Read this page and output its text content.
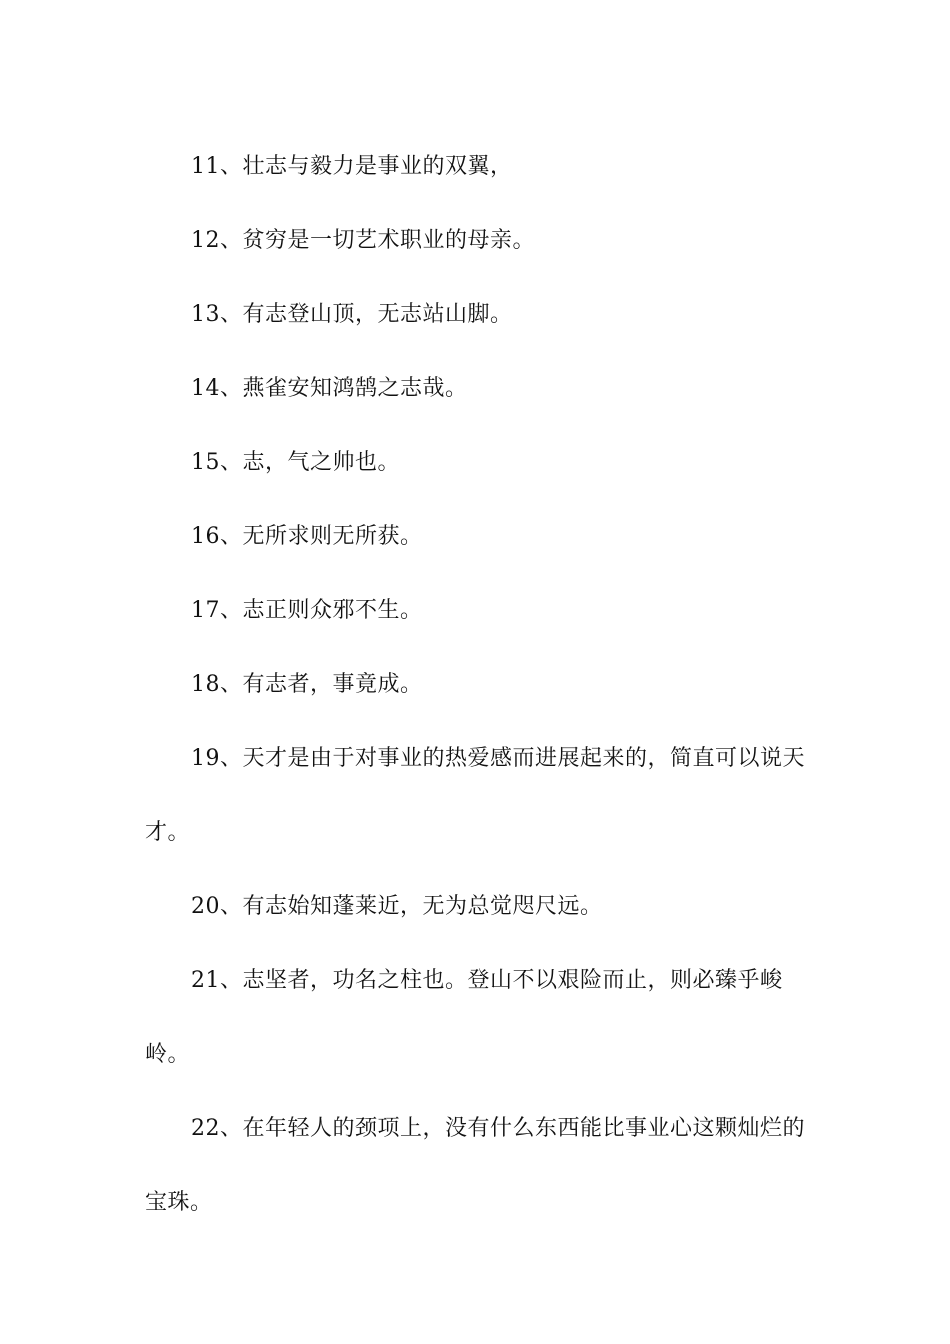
11、壮志与毅力是事业的双翼，

12、贫穷是一切艺术职业的母亲。

13、有志登山顶，无志站山脚。

14、燕雀安知鸿鹄之志哉。

15、志，气之帅也。

16、无所求则无所获。

17、志正则众邪不生。

18、有志者，事竟成。

19、天才是由于对事业的热爱感而进展起来的，简直可以说天才。

20、有志始知蓬莱近，无为总觉咫尺远。

21、志坚者，功名之柱也。登山不以艰险而止，则必臻乎峻岭。

22、在年轻人的颈项上，没有什么东西能比事业心这颗灿烂的宝珠。
